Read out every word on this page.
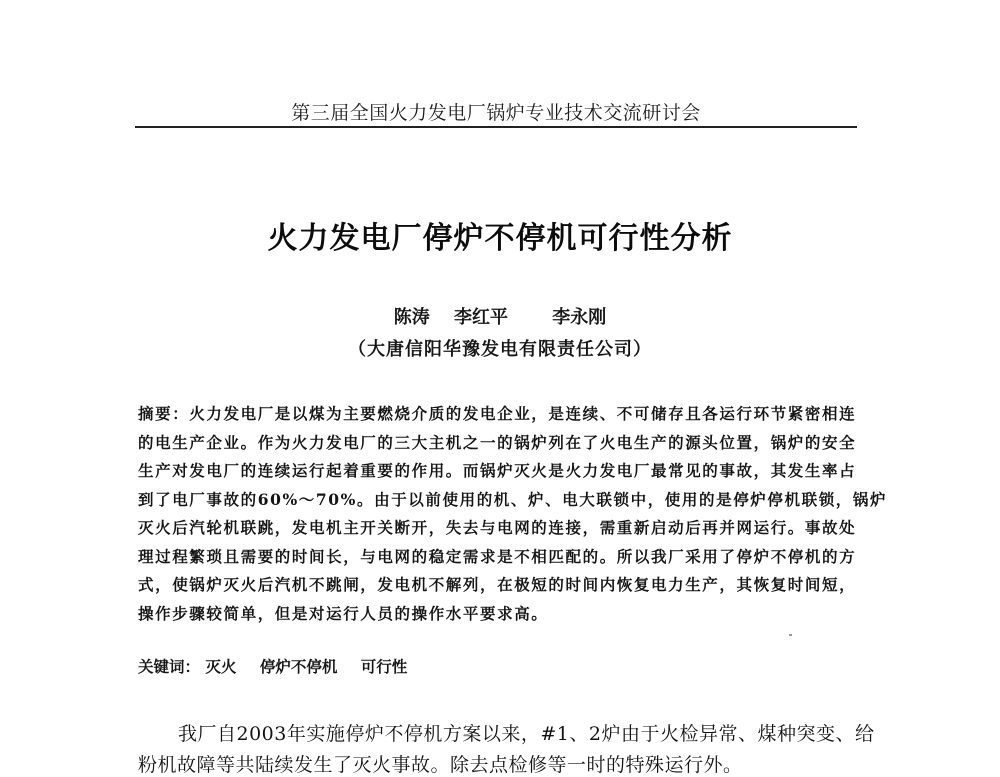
第三届全国火力发电厂锅炉专业技术交流研讨会
火力发电厂停炉不停机可行性分析
陈涛 李红平 李永刚
（大唐信阳华豫发电有限责任公司）
摘要：火力发电厂是以煤为主要燃烧介质的发电企业，是连续、不可储存且各运行环节紧密相连
的电生产企业。作为火力发电厂的三大主机之一的锅炉列在了火电生产的源头位置，锅炉的安全
生产对发电厂的连续运行起着重要的作用。而锅炉灭火是火力发电厂最常见的事故，其发生率占
到了电厂事故的60%～70%。由于以前使用的机、炉、电大联锁中，使用的是停炉停机联锁，锅炉
灭火后汽轮机联跳，发电机主开关断开，失去与电网的连接，需重新启动后再并网运行。事故处
理过程繁琐且需要的时间长，与电网的稳定需求是不相匹配的。所以我厂采用了停炉不停机的方
式，使锅炉灭火后汽机不跳闸，发电机不解列，在极短的时间内恢复电力生产，其恢复时间短，
操作步骤较简单，但是对运行人员的操作水平要求高。
关键词： 灭火 停炉不停机 可行性
我厂自2003年实施停炉不停机方案以来，#1、2炉由于火检异常、煤种突变、给
粉机故障等共陆续发生了灭火事故。除去点检修等一时的特殊运行外。
